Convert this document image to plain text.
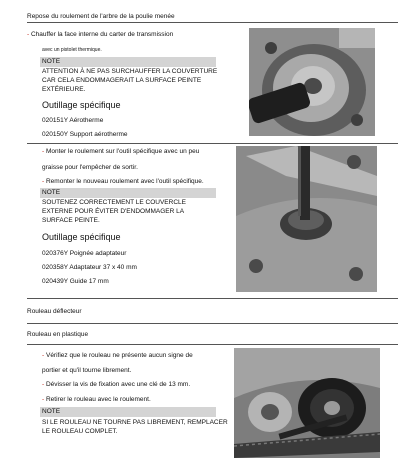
Repose du roulement de l'arbre de la poulie menée
- Chauffer la face interne du carter de transmission
avec un pistolet thermique.
NOTE
ATTENTION À NE PAS SURCHAUFFER LA COUVERTURE
CAR CELA ENDOMMAGERAIT LA SURFACE PEINTE
EXTÉRIEURE.
Outillage spécifique
020151Y Aérotherme
020150Y Support aérotherme
- Monter le roulement sur l'outil spécifique avec un peu
graisse pour l'empêcher de sortir.
- Remonter le nouveau roulement avec l'outil spécifique.
NOTE
SOUTENEZ CORRECTEMENT LE COUVERCLE
EXTERNE POUR ÉVITER D'ENDOMMAGER LA
SURFACE PEINTE.
Outillage spécifique
020376Y Poignée adaptateur
020358Y Adaptateur 37 x 40 mm
020439Y Guide 17 mm
Rouleau déflecteur
Rouleau en plastique
- Vérifiez que le rouleau ne présente aucun signe de
portier et qu'il tourne librement.
- Dévisser la vis de fixation avec une clé de 13 mm.
- Retirer le rouleau avec le roulement.
NOTE
SI LE ROULEAU NE TOURNE PAS LIBREMENT, REMPLACER
LE ROULEAU COMPLET.
